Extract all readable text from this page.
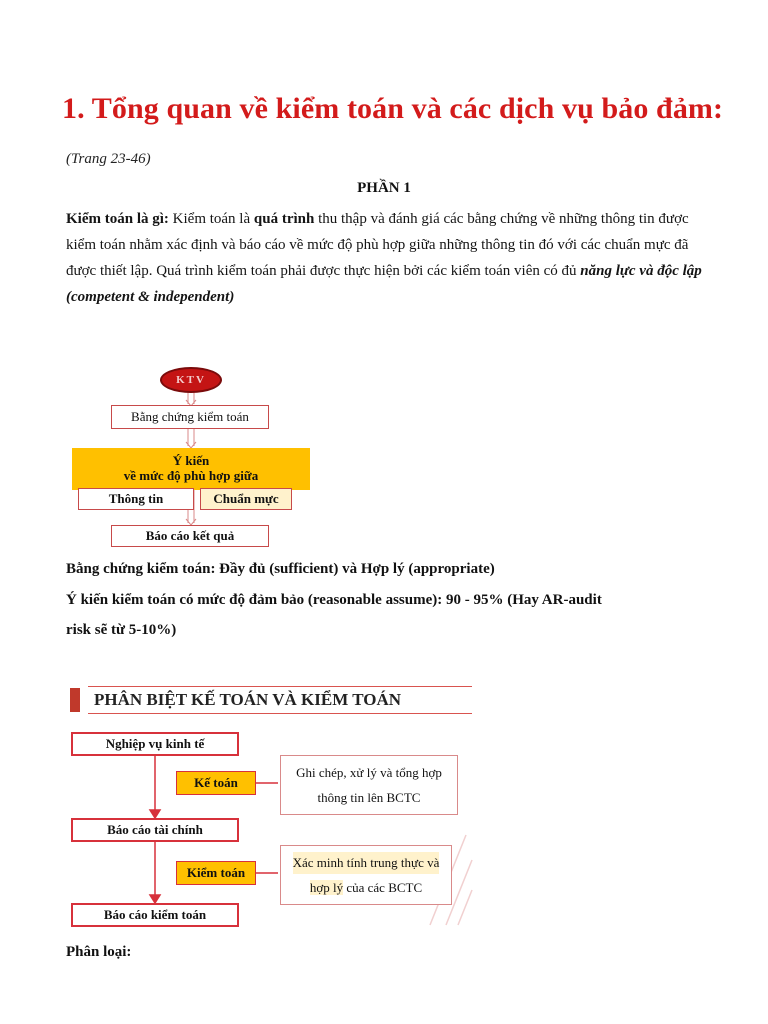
1. Tổng quan về kiểm toán và các dịch vụ bảo đảm:
(Trang 23-46)
PHẦN 1
Kiểm toán là gì: Kiểm toán là quá trình thu thập và đánh giá các bằng chứng về những thông tin được kiểm toán nhằm xác định và báo cáo về mức độ phù hợp giữa những thông tin đó với các chuẩn mực đã được thiết lập. Quá trình kiểm toán phải được thực hiện bởi các kiểm toán viên có đủ năng lực và độc lập (competent & independent)
KTV
Bằng chứng kiểm toán
Ý kiến
về mức độ phù hợp giữa
Thông tin	Chuẩn mực
Báo cáo kết quả
Bằng chứng kiểm toán: Đầy đủ (sufficient) và Hợp lý (appropriate)
Ý kiến kiểm toán có mức độ đảm bảo (reasonable assume): 90 - 95% (Hay AR-audit
risk sẽ từ 5-10%)
PHÂN BIỆT KẾ TOÁN VÀ KIỂM TOÁN
Nghiệp vụ kinh tế
Báo cáo tài chính
Báo cáo kiểm toán
Kế toán
Kiểm toán
Ghi chép, xử lý và tổng hợp
thông tin lên BCTC
Xác minh tính trung thực và
hợp lý của các BCTC
Phân loại:
